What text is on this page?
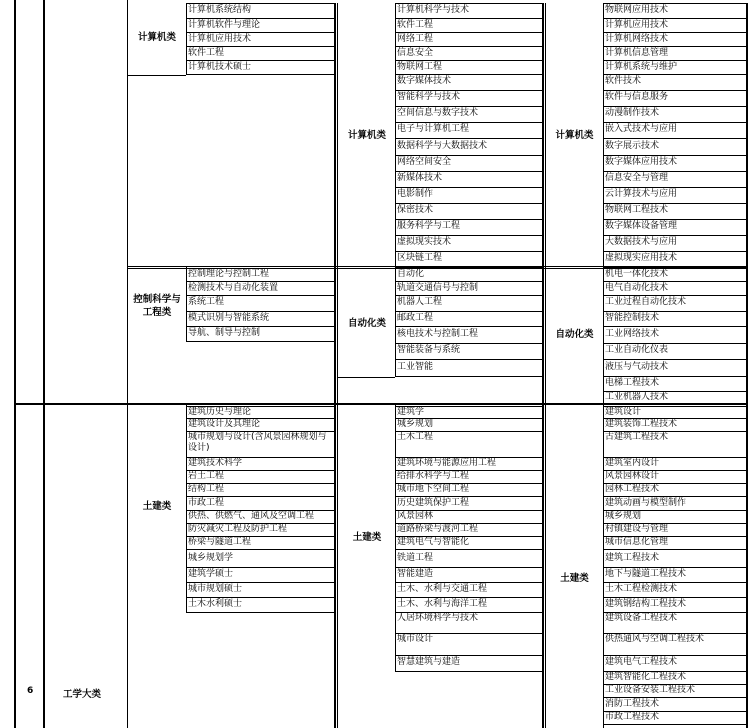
计算机系统结构
计算机软件与理论
计算机应用技术
软件工程
计算机技术硕士
控制理论与控制工程
检测技术与自动化装置
系统工程
模式识别与智能系统
导航、制导与控制
建筑历史与理论
建筑设计及其理论
城市规划与设计(含风景园林规划与设计)
建筑技术科学
岩土工程
结构工程
市政工程
供热、供燃气、通风及空调工程
防灾减灾工程及防护工程
桥梁与隧道工程
城乡规划学
建筑学硕士
城市规划硕士
土木水利硕士
计算机科学与技术
软件工程
网络工程
信息安全
物联网工程
数字媒体技术
智能科学与技术
空间信息与数字技术
电子与计算机工程
数据科学与大数据技术
网络空间安全
新媒体技术
电影制作
保密技术
服务科学与工程
虚拟现实技术
区块链工程
自动化
轨道交通信号与控制
机器人工程
邮政工程
核电技术与控制工程
智能装备与系统
工业智能
建筑学
城乡规划
土木工程
建筑环境与能源应用工程
给排水科学与工程
城市地下空间工程
历史建筑保护工程
风景园林
道路桥梁与渡河工程
建筑电气与智能化
铁道工程
智能建造
土木、水利与交通工程
土木、水利与海洋工程
人居环境科学与技术
城市设计
智慧建筑与建造
物联网应用技术
计算机应用技术
计算机网络技术
计算机信息管理
计算机系统与维护
软件技术
软件与信息服务
动漫制作技术
嵌入式技术与应用
数字展示技术
数字媒体应用技术
信息安全与管理
云计算技术与应用
物联网工程技术
数字媒体设备管理
大数据技术与应用
虚拟现实应用技术
机电一体化技术
电气自动化技术
工业过程自动化技术
智能控制技术
工业网络技术
工业自动化仪表
液压与气动技术
电梯工程技术
工业机器人技术
建筑设计
建筑装饰工程技术
古建筑工程技术
建筑室内设计
风景园林设计
园林工程技术
建筑动画与模型制作
城乡规划
村镇建设与管理
城市信息化管理
建筑工程技术
地下与隧道工程技术
土木工程检测技术
建筑钢结构工程技术
建筑设备工程技术
供热通风与空调工程技术
建筑电气工程技术
建筑智能化工程技术
工业设备安装工程技术
消防工程技术
市政工程技术
6	工学大类
计算机类
控制科学与工程类
土建类
计算机类
自动化类
土建类
计算机类
自动化类
土建类
